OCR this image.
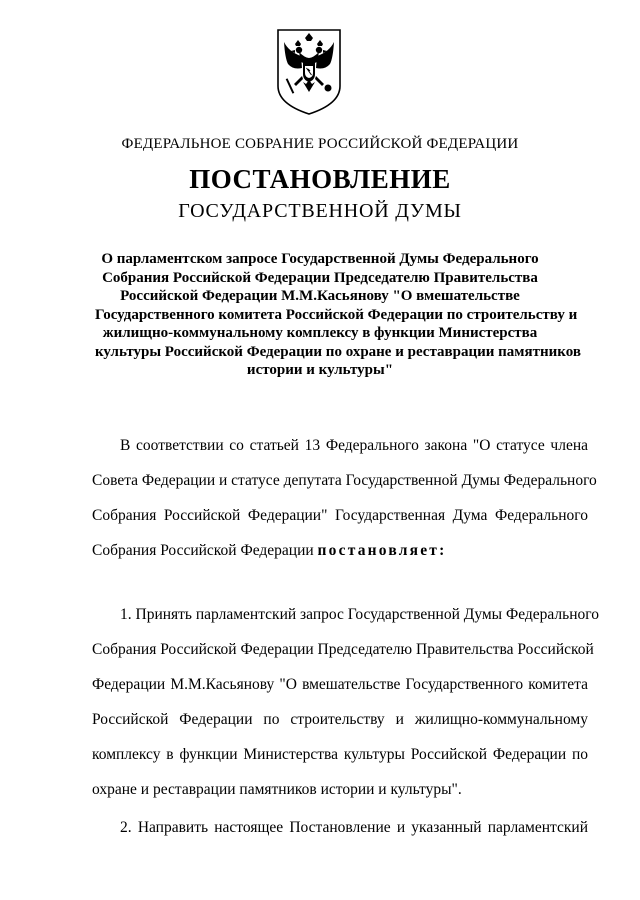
ФЕДЕРАЛЬНОЕ СОБРАНИЕ РОССИЙСКОЙ ФЕДЕРАЦИИ
ПОСТАНОВЛЕНИЕ
ГОСУДАРСТВЕННОЙ ДУМЫ
О парламентском запросе Государственной Думы Федерального
Собрания Российской Федерации Председателю Правительства
Российской Федерации М.М.Касьянову "О вмешательстве
Государственного комитета Российской Федерации по строительству и
жилищно-коммунальному комплексу в функции Министерства
культуры Российской Федерации по охране и реставрации памятников
истории и культуры"
В соответствии со статьей 13 Федерального закона "О статусе члена
Совета Федерации и статусе депутата Государственной Думы Федерального
Собрания Российской Федерации" Государственная Дума Федерального
Собрания Российской Федерации постановляет:
1. Принять парламентский запрос Государственной Думы Федерального
Собрания Российской Федерации Председателю Правительства Российской
Федерации М.М.Касьянову "О вмешательстве Государственного комитета
Российской Федерации по строительству и жилищно-коммунальному
комплексу в функции Министерства культуры Российской Федерации по
охране и реставрации памятников истории и культуры".
2. Направить настоящее Постановление и указанный парламентский
